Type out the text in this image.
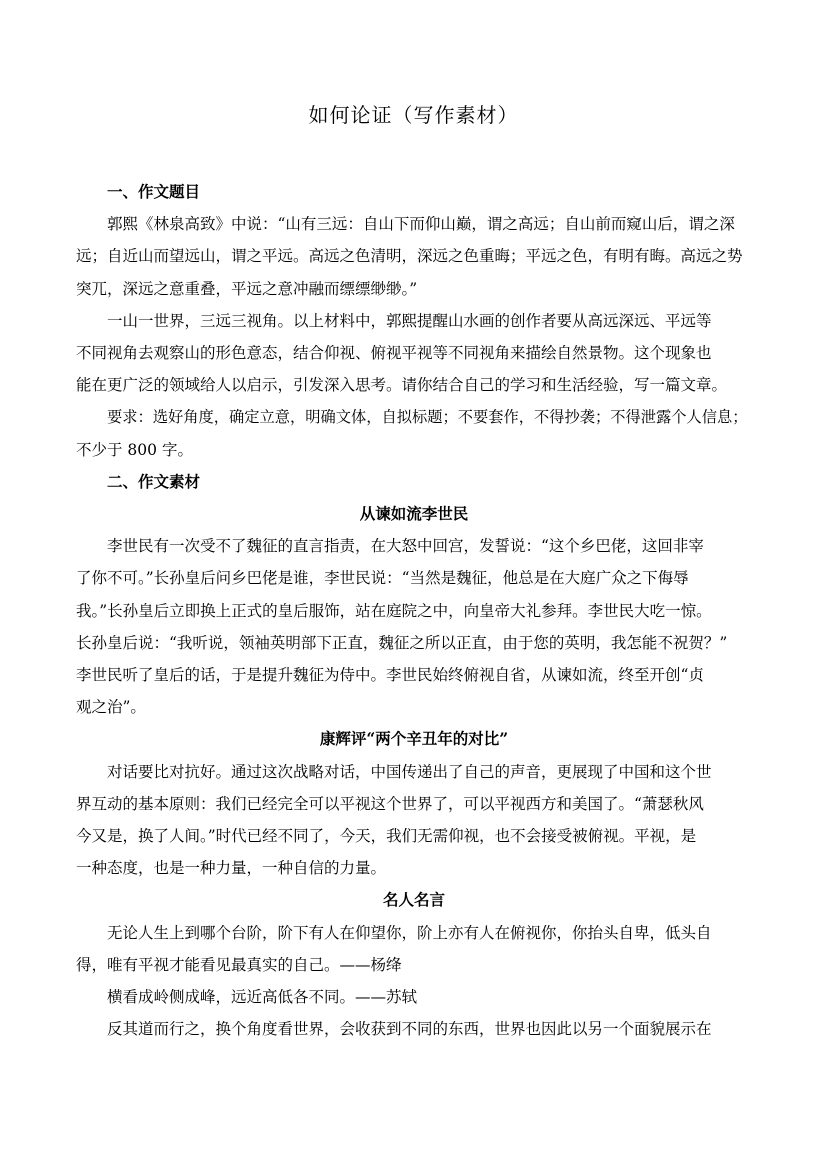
如何论证（写作素材）

一、作文题目

郭熙《林泉高致》中说：“山有三远：自山下而仰山巅，谓之高远；自山前而窥山后，谓之深

远；自近山而望远山，谓之平远。高远之色清明，深远之色重晦；平远之色，有明有晦。高远之势

突兀，深远之意重叠，平远之意冲融而缥缥缈缈。”

一山一世界，三远三视角。以上材料中，郭熙提醒山水画的创作者要从高远深远、平远等

不同视角去观察山的形色意态，结合仰视、俯视平视等不同视角来描绘自然景物。这个现象也

能在更广泛的领域给人以启示，引发深入思考。请你结合自己的学习和生活经验，写一篇文章。

要求：选好角度，确定立意，明确文体，自拟标题；不要套作，不得抄袭；不得泄露个人信息；

不少于 800 字。

二、作文素材

从谏如流李世民

李世民有一次受不了魏征的直言指责，在大怒中回宫，发誓说：“这个乡巴佬，这回非宰

了你不可。”长孙皇后问乡巴佬是谁，李世民说：“当然是魏征，他总是在大庭广众之下侮辱

我。”长孙皇后立即换上正式的皇后服饰，站在庭院之中，向皇帝大礼参拜。李世民大吃一惊。

长孙皇后说：“我听说，领袖英明部下正直，魏征之所以正直，由于您的英明，我怎能不祝贺？”

李世民听了皇后的话，于是提升魏征为侍中。李世民始终俯视自省，从谏如流，终至开创“贞

观之治”。

康辉评“两个辛丑年的对比”

对话要比对抗好。通过这次战略对话，中国传递出了自己的声音，更展现了中国和这个世

界互动的基本原则：我们已经完全可以平视这个世界了，可以平视西方和美国了。“萧瑟秋风

今又是，换了人间。”时代已经不同了，今天，我们无需仰视，也不会接受被俯视。平视，是

一种态度，也是一种力量，一种自信的力量。

名人名言

无论人生上到哪个台阶，阶下有人在仰望你，阶上亦有人在俯视你，你抬头自卑，低头自

得，唯有平视才能看见最真实的自己。——杨绛

横看成岭侧成峰，远近高低各不同。——苏轼

反其道而行之，换个角度看世界，会收获到不同的东西，世界也因此以另一个面貌展示在
